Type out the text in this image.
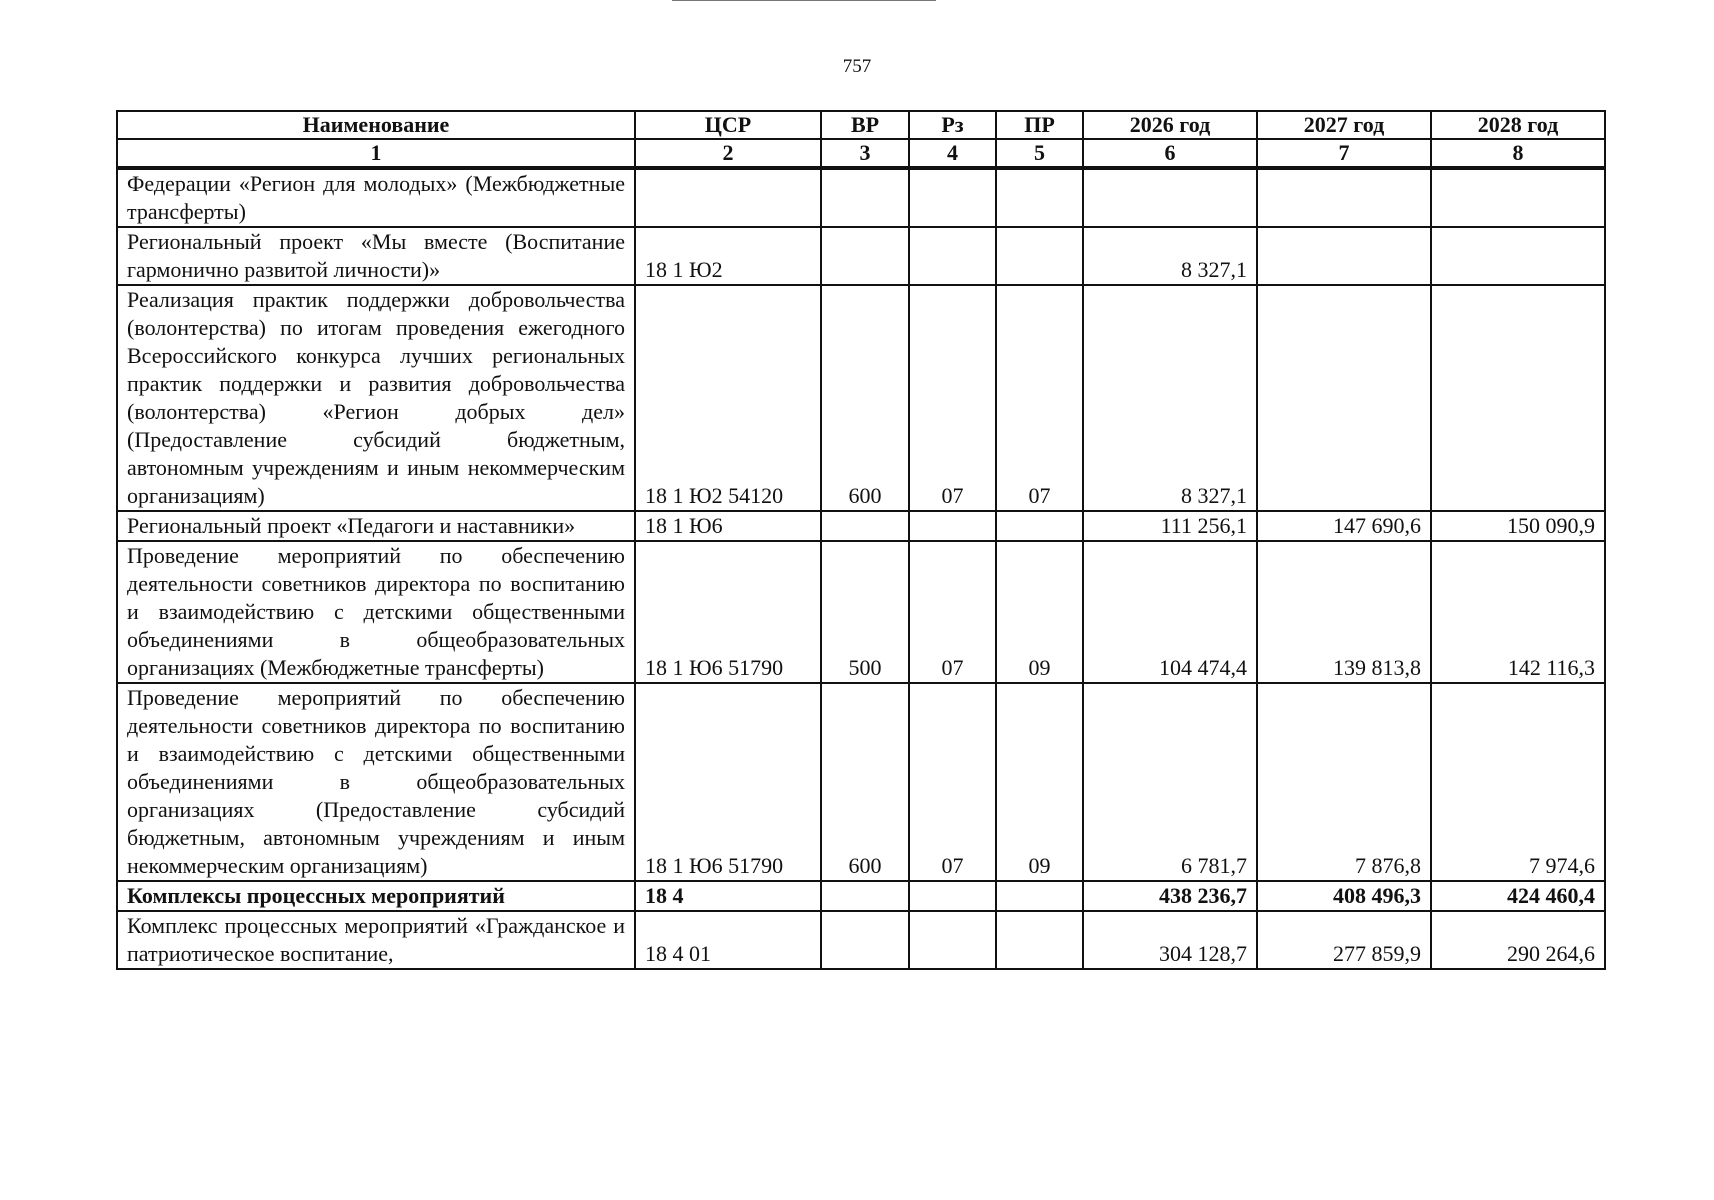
757
Наименование	ЦСР	ВР	Рз	ПР	2026 год	2027 год	2028 год
1	2	3	4	5	6	7	8
Федерации «Регион для молодых» (Межбюджетные трансферты)							
Региональный проект «Мы вместе (Воспитание гармонично развитой личности)»	18 1 Ю2				8 327,1		
Реализация практик поддержки добровольчества (волонтерства) по итогам проведения ежегодного Всероссийского конкурса лучших региональных практик поддержки и развития добровольчества (волонтерства) «Регион добрых дел» (Предоставление субсидий бюджетным, автономным учреждениям и иным некоммерческим организациям)	18 1 Ю2 54120	600	07	07	8 327,1		
Региональный проект «Педагоги и наставники»	18 1 Ю6				111 256,1	147 690,6	150 090,9
Проведение мероприятий по обеспечению деятельности советников директора по воспитанию и взаимодействию с детскими общественными объединениями в общеобразовательных организациях (Межбюджетные трансферты)	18 1 Ю6 51790	500	07	09	104 474,4	139 813,8	142 116,3
Проведение мероприятий по обеспечению деятельности советников директора по воспитанию и взаимодействию с детскими общественными объединениями в общеобразовательных организациях (Предоставление субсидий бюджетным, автономным учреждениям и иным некоммерческим организациям)	18 1 Ю6 51790	600	07	09	6 781,7	7 876,8	7 974,6
Комплексы процессных мероприятий	18 4				438 236,7	408 496,3	424 460,4
Комплекс процессных мероприятий «Гражданское и патриотическое воспитание,	18 4 01				304 128,7	277 859,9	290 264,6
